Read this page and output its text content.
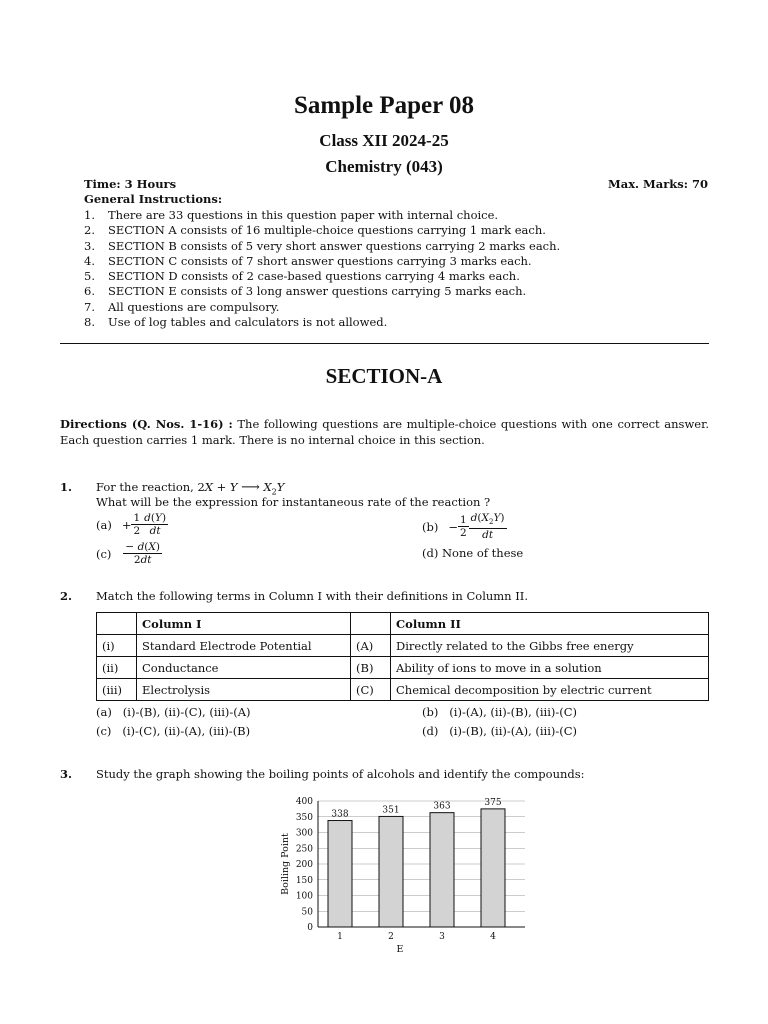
Sample Paper 08
Class XII 2024-25
Chemistry (043)
Time: 3 Hours	Max. Marks: 70
General Instructions:
1. There are 33 questions in this question paper with internal choice.
2. SECTION A consists of 16 multiple-choice questions carrying 1 mark each.
3. SECTION B consists of 5 very short answer questions carrying 2 marks each.
4. SECTION C consists of 7 short answer questions carrying 3 marks each.
5. SECTION D consists of 2 case-based questions carrying 4 marks each.
6. SECTION E consists of 3 long answer questions carrying 5 marks each.
7. All questions are compulsory.
8. Use of log tables and calculators is not allowed.
SECTION-A
Directions (Q. Nos. 1-16) : The following questions are multiple-choice questions with one correct answer. Each question carries 1 mark. There is no internal choice in this section.
1. For the reaction, 2X + Y ⟶ $X_2Y$
What will be the expression for instantaneous rate of the reaction ?
$(a) + \frac{1}{2} \frac{d(Y)}{dt}$	$(b) - \frac{1}{2} \frac{d(X_2Y)}{dt}$
$(c) \frac{- d(X)}{2dt}$	(d) None of these
2. Match the following terms in Column I with their definitions in Column II.
	Column I		Column II
(i)	Standard Electrode Potential	(A)	Directly related to the Gibbs free energy
(ii)	Conductance	(B)	Ability of ions to move in a solution
(iii)	Electrolysis	(C)	Chemical decomposition by electric current
(a)   (i)-(B), (ii)-(C), (iii)-(A)	(b)   (i)-(A), (ii)-(B), (iii)-(C)
(c)   (i)-(C), (ii)-(A), (iii)-(B)	(d)   (i)-(B), (ii)-(A), (iii)-(C)
3. Study the graph showing the boiling points of alcohols and identify the compounds:
0
50
100
150
200
250
300
350
400
338
1
351
2
363
3
375
4
E
Boiling Point
